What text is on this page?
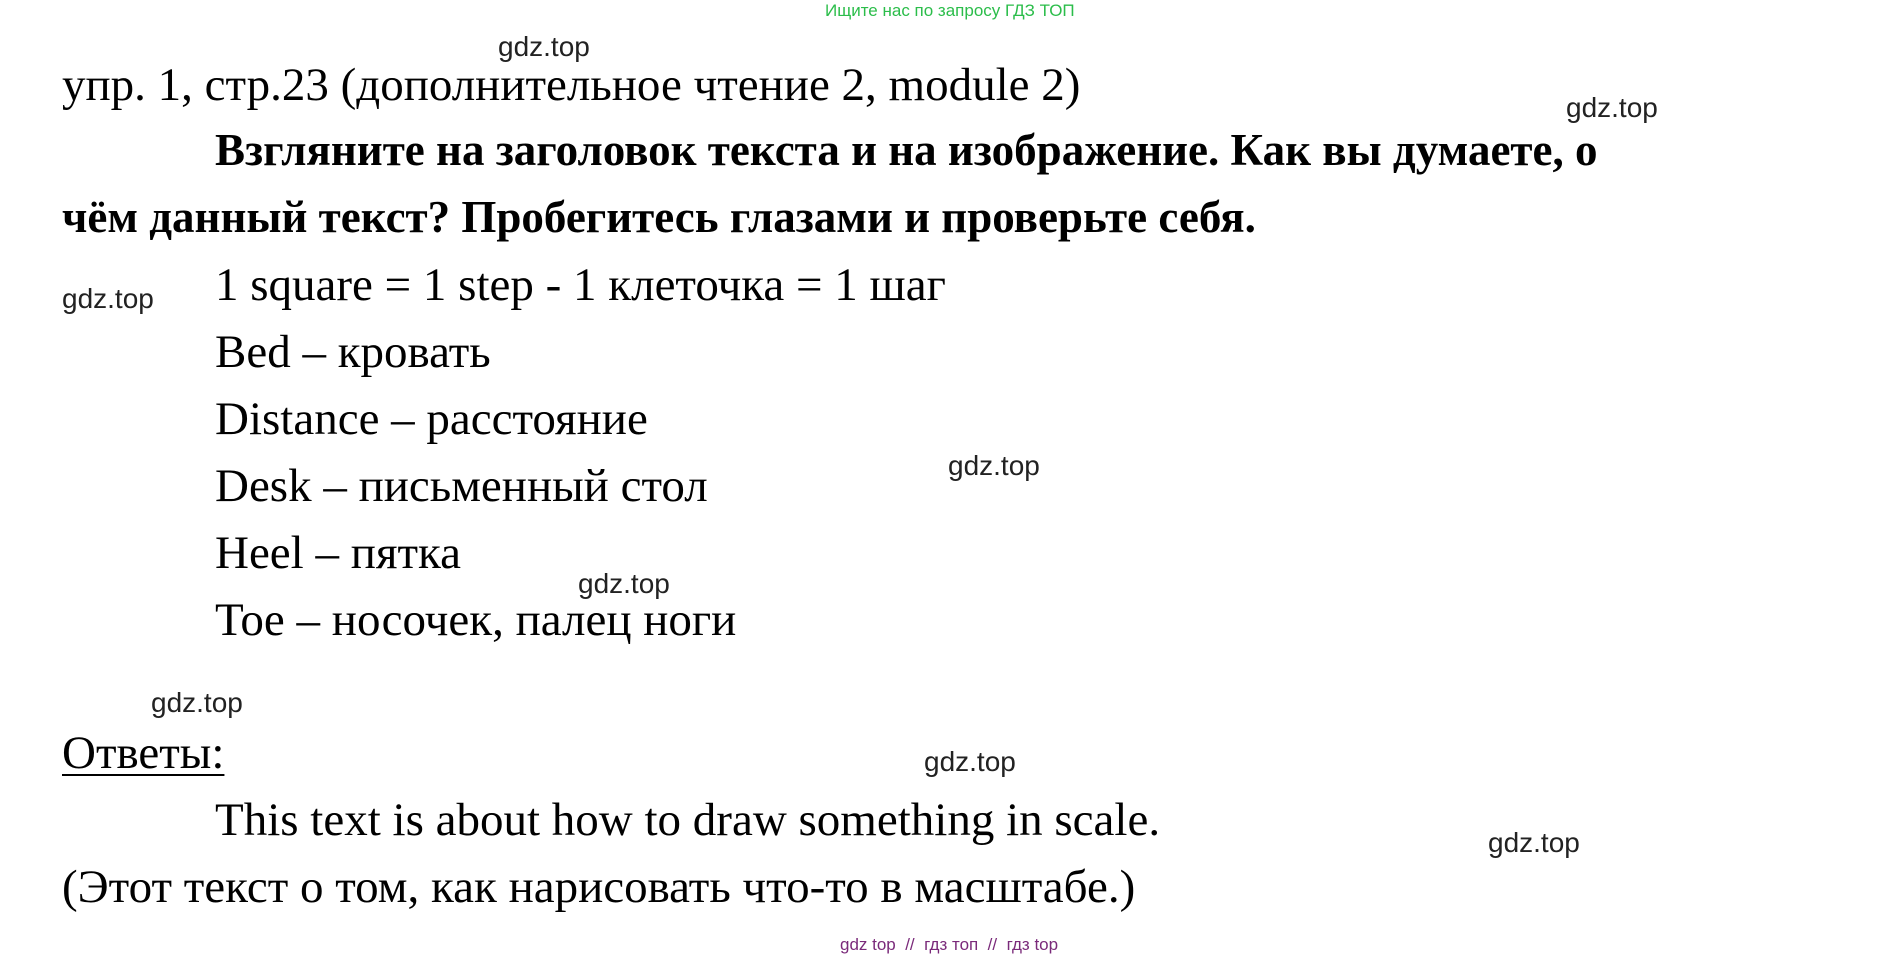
Ищите нас по запросу ГДЗ ТОП
gdz.top
gdz.top
gdz.top
gdz.top
gdz.top
gdz.top
gdz.top
gdz.top
упр. 1, стр.23 (дополнительное чтение 2, module 2)
Взгляните на заголовок текста и на изображение. Как вы думаете, о
чём данный текст? Пробегитесь глазами и проверьте себя.
1 square = 1 step - 1 клеточка = 1 шаг
Bed – кровать
Distance – расстояние
Desk – письменный стол
Heel – пятка
Toe – носочек, палец ноги
Ответы:
This text is about how to draw something in scale.
(Этот текст о том, как нарисовать что-то в масштабе.)
gdz top  //  гдз топ  //  гдз top
